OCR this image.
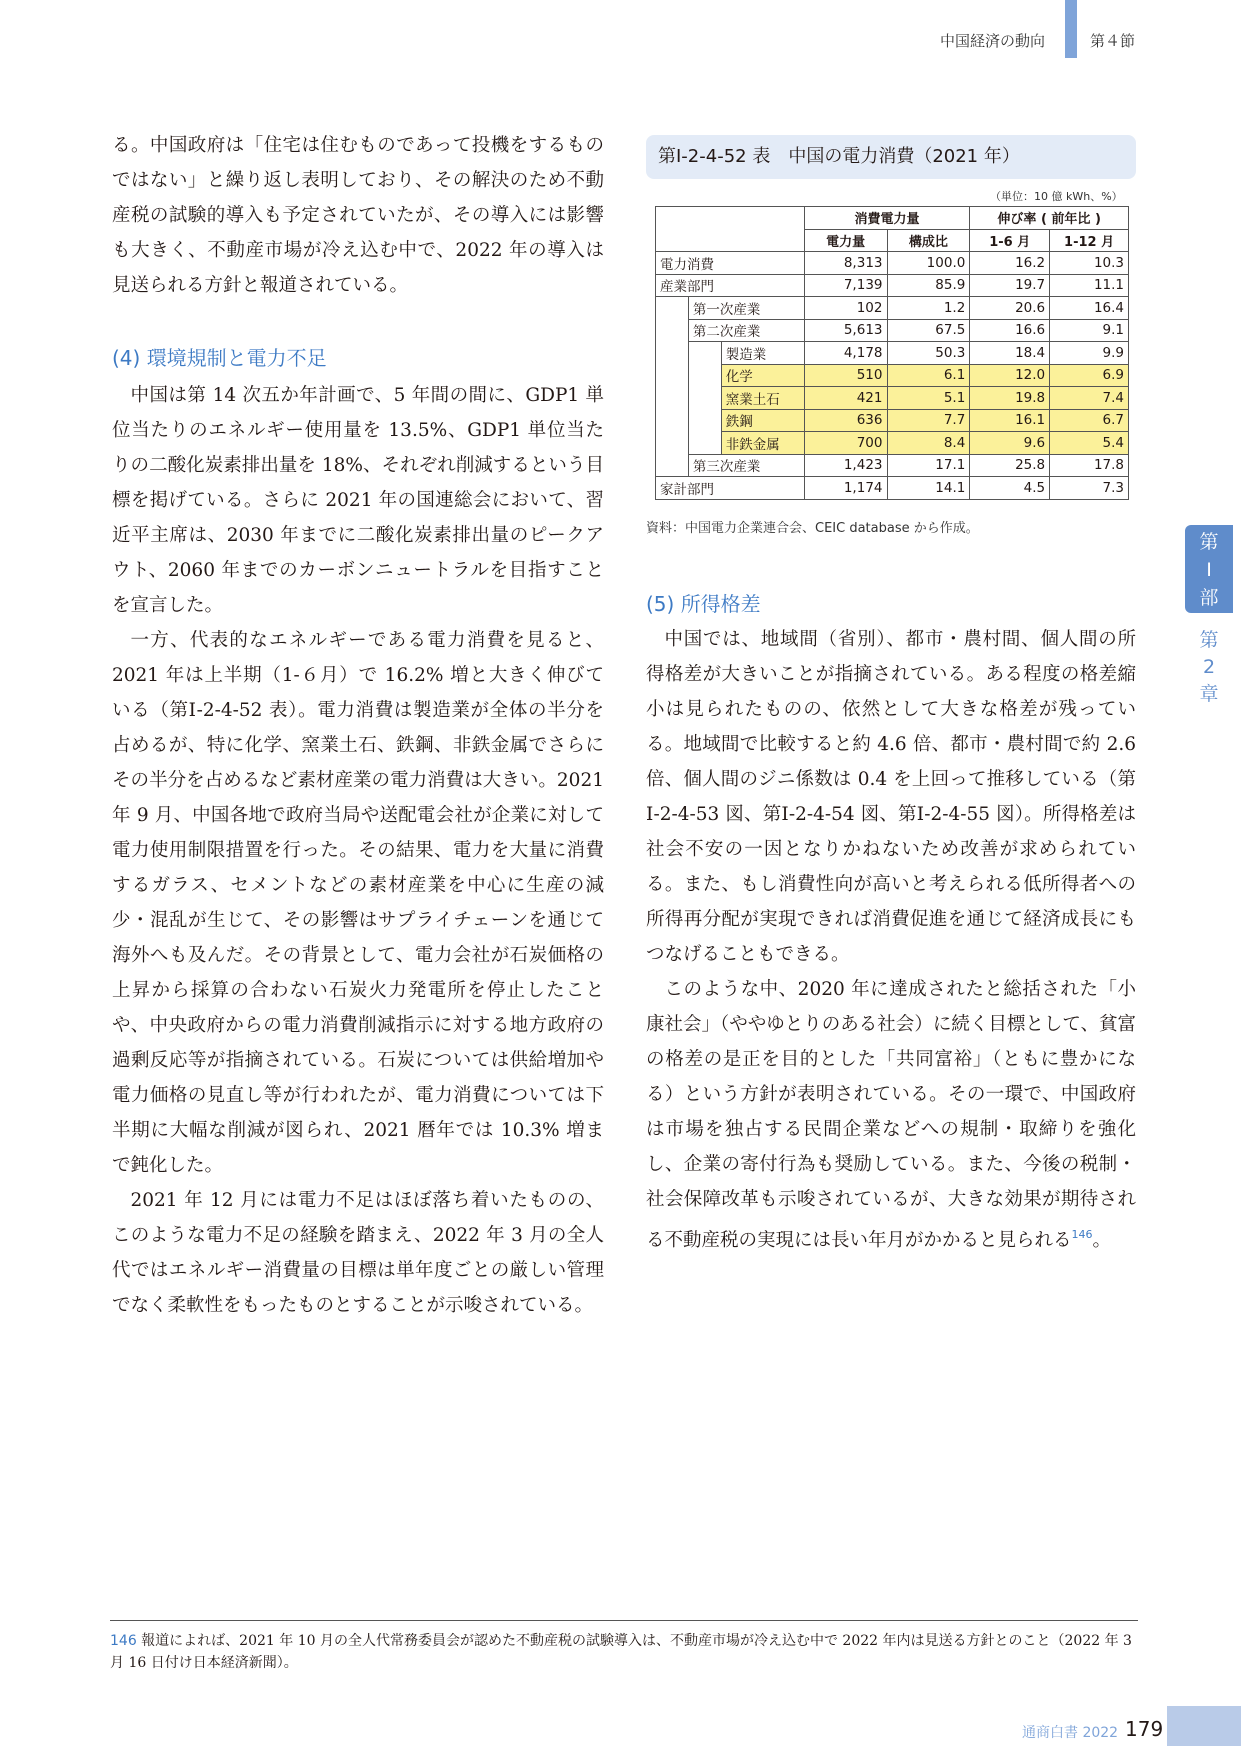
中国経済の動向	第４節

る。中国政府は「住宅は住むものであって投機をするものではない」と繰り返し表明しており、その解決のため不動産税の試験的導入も予定されていたが、その導入には影響も大きく、不動産市場が冷え込む中で、2022 年の導入は見送られる方針と報道されている。

(4) 環境規制と電力不足

中国は第 14 次五か年計画で、5 年間の間に、GDP1 単位当たりのエネルギー使用量を 13.5%、GDP1 単位当たりの二酸化炭素排出量を 18%、それぞれ削減するという目標を掲げている。さらに 2021 年の国連総会において、習近平主席は、2030 年までに二酸化炭素排出量のピークアウト、2060 年までのカーボンニュートラルを目指すことを宣言した。

一方、代表的なエネルギーである電力消費を見ると、2021 年は上半期（1-６月）で 16.2% 増と大きく伸びている（第Ⅰ-2-4-52 表）。電力消費は製造業が全体の半分を占めるが、特に化学、窯業土石、鉄鋼、非鉄金属でさらにその半分を占めるなど素材産業の電力消費は大きい。2021 年 9 月、中国各地で政府当局や送配電会社が企業に対して電力使用制限措置を行った。その結果、電力を大量に消費するガラス、セメントなどの素材産業を中心に生産の減少・混乱が生じて、その影響はサプライチェーンを通じて海外へも及んだ。その背景として、電力会社が石炭価格の上昇から採算の合わない石炭火力発電所を停止したことや、中央政府からの電力消費削減指示に対する地方政府の過剰反応等が指摘されている。石炭については供給増加や電力価格の見直し等が行われたが、電力消費については下半期に大幅な削減が図られ、2021 暦年では 10.3% 増まで鈍化した。

2021 年 12 月には電力不足はほぼ落ち着いたものの、このような電力不足の経験を踏まえ、2022 年 3 月の全人代ではエネルギー消費量の目標は単年度ごとの厳しい管理でなく柔軟性をもったものとすることが示唆されている。

第Ⅰ-2-4-52 表　中国の電力消費（2021 年）
（単位：10 億 kWh、%）
			消費電力量		伸び率 ( 前年比 )	
			電力量	構成比	1-6 月	1-12 月
電力消費			8,313	100.0	16.2	10.3
産業部門			7,139	85.9	19.7	11.1
	第一次産業		102	1.2	20.6	16.4
	第二次産業		5,613	67.5	16.6	9.1
		製造業	4,178	50.3	18.4	9.9
		化学	510	6.1	12.0	6.9
		窯業土石	421	5.1	19.8	7.4
		鉄鋼	636	7.7	16.1	6.7
		非鉄金属	700	8.4	9.6	5.4
	第三次産業		1,423	17.1	25.8	17.8
家計部門			1,174	14.1	4.5	7.3
資料：中国電力企業連合会、CEIC database から作成。
(5) 所得格差

中国では、地域間（省別）、都市・農村間、個人間の所得格差が大きいことが指摘されている。ある程度の格差縮小は見られたものの、依然として大きな格差が残っている。地域間で比較すると約 4.6 倍、都市・農村間で約 2.6 倍、個人間のジニ係数は 0.4 を上回って推移している（第Ⅰ-2-4-53 図、第Ⅰ-2-4-54 図、第Ⅰ-2-4-55 図）。所得格差は社会不安の一因となりかねないため改善が求められている。また、もし消費性向が高いと考えられる低所得者への所得再分配が実現できれば消費促進を通じて経済成長にもつなげることもできる。

このような中、2020 年に達成されたと総括された「小康社会」（ややゆとりのある社会）に続く目標として、貧富の格差の是正を目的とした「共同富裕」（ともに豊かになる）という方針が表明されている。その一環で、中国政府は市場を独占する民間企業などへの規制・取締りを強化し、企業の寄付行為も奨励している。また、今後の税制・社会保障改革も示唆されているが、大きな効果が期待される不動産税の実現には長い年月がかかると見られる$^{146}$。

第
Ⅰ
部
第
2
章
146 報道によれば、2021 年 10 月の全人代常務委員会が認めた不動産税の試験導入は、不動産市場が冷え込む中で 2022 年内は見送る方針とのこと（2022 年 3 月 16 日付け日本経済新聞）。
通商白書 2022 179
